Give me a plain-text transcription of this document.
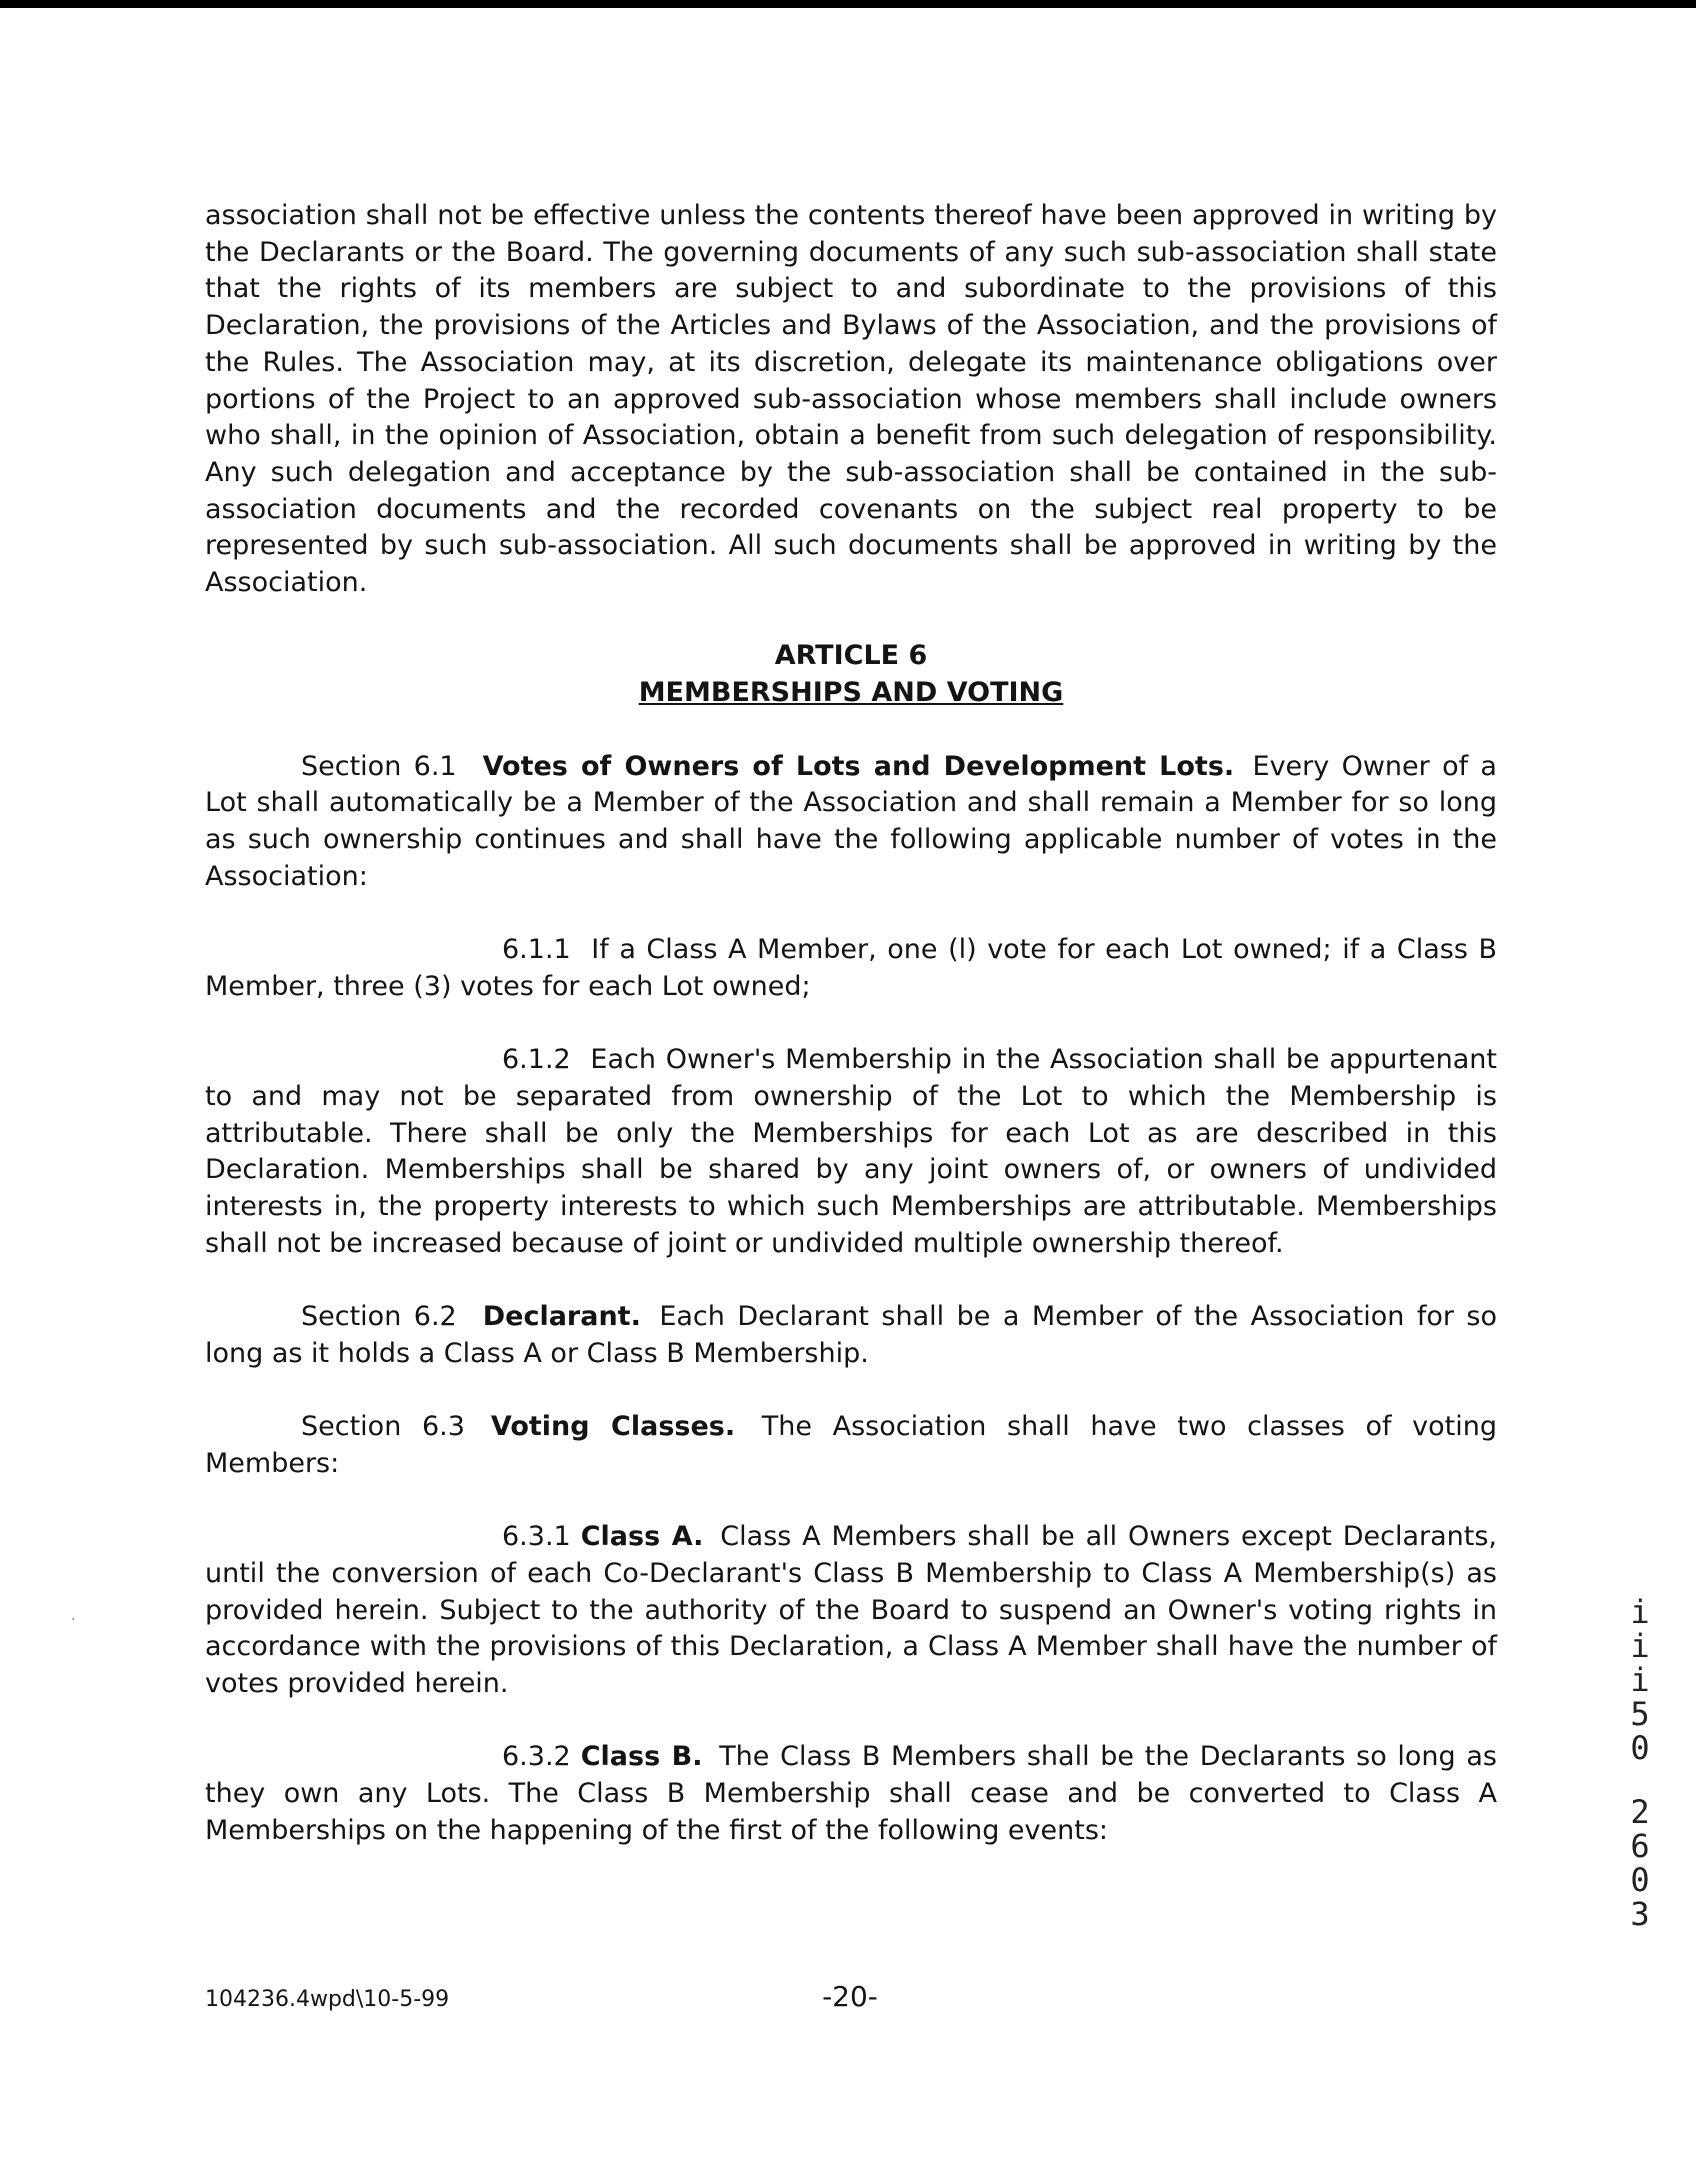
·

association shall not be effective unless the contents thereof have been approved in writing by the Declarants or the Board. The governing documents of any such sub-association shall state that the rights of its members are subject to and subordinate to the provisions of this Declaration, the provisions of the Articles and Bylaws of the Association, and the provisions of the Rules. The Association may, at its discretion, delegate its maintenance obligations over portions of the Project to an approved sub-association whose members shall include owners who shall, in the opinion of Association, obtain a benefit from such delegation of responsibility. Any such delegation and acceptance by the sub-association shall be contained in the sub-association documents and the recorded covenants on the subject real property to be represented by such sub-association. All such documents shall be approved in writing by the Association.

ARTICLE 6
MEMBERSHIPS AND VOTING

Section 6.1 Votes of Owners of Lots and Development Lots. Every Owner of a Lot shall automatically be a Member of the Association and shall remain a Member for so long as such ownership continues and shall have the following applicable number of votes in the Association:

6.1.1 If a Class A Member, one (l) vote for each Lot owned; if a Class B Member, three (3) votes for each Lot owned;

6.1.2 Each Owner's Membership in the Association shall be appurtenant to and may not be separated from ownership of the Lot to which the Membership is attributable. There shall be only the Memberships for each Lot as are described in this Declaration. Memberships shall be shared by any joint owners of, or owners of undivided interests in, the property interests to which such Memberships are attributable. Memberships shall not be increased because of joint or undivided multiple ownership thereof.

Section 6.2 Declarant. Each Declarant shall be a Member of the Association for so long as it holds a Class A or Class B Membership.

Section 6.3 Voting Classes. The Association shall have two classes of voting Members:

6.3.1 Class A. Class A Members shall be all Owners except Declarants, until the conversion of each Co-Declarant's Class B Membership to Class A Membership(s) as provided herein. Subject to the authority of the Board to suspend an Owner's voting rights in accordance with the provisions of this Declaration, a Class A Member shall have the number of votes provided herein.

6.3.2 Class B. The Class B Members shall be the Declarants so long as they own any Lots. The Class B Membership shall cease and be converted to Class A Memberships on the happening of the first of the following events:

i
i
i
5
0
2
6
0
3
104236.4wpd\10-5-99	-20-
